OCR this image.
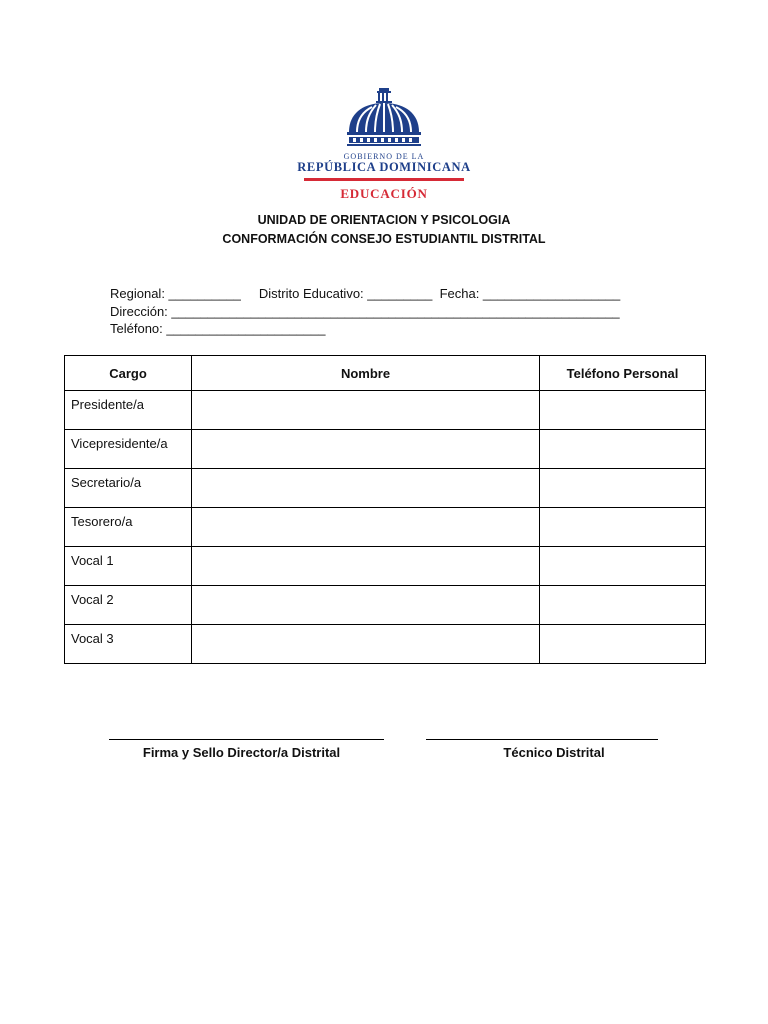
GOBIERNO DE LA
REPÚBLICA DOMINICANA
EDUCACIÓN
UNIDAD DE ORIENTACION Y PSICOLOGIA
CONFORMACIÓN CONSEJO ESTUDIANTIL DISTRITAL
Regional: __________     Distrito Educativo: _________  Fecha: ___________________
Dirección: ______________________________________________________________
Teléfono: ______________________
Cargo	Nombre	Teléfono Personal
Presidente/a		
Vicepresidente/a		
Secretario/a		
Tesorero/a		
Vocal 1		
Vocal 2		
Vocal 3		
Firma y Sello Director/a Distrital	Técnico Distrital
